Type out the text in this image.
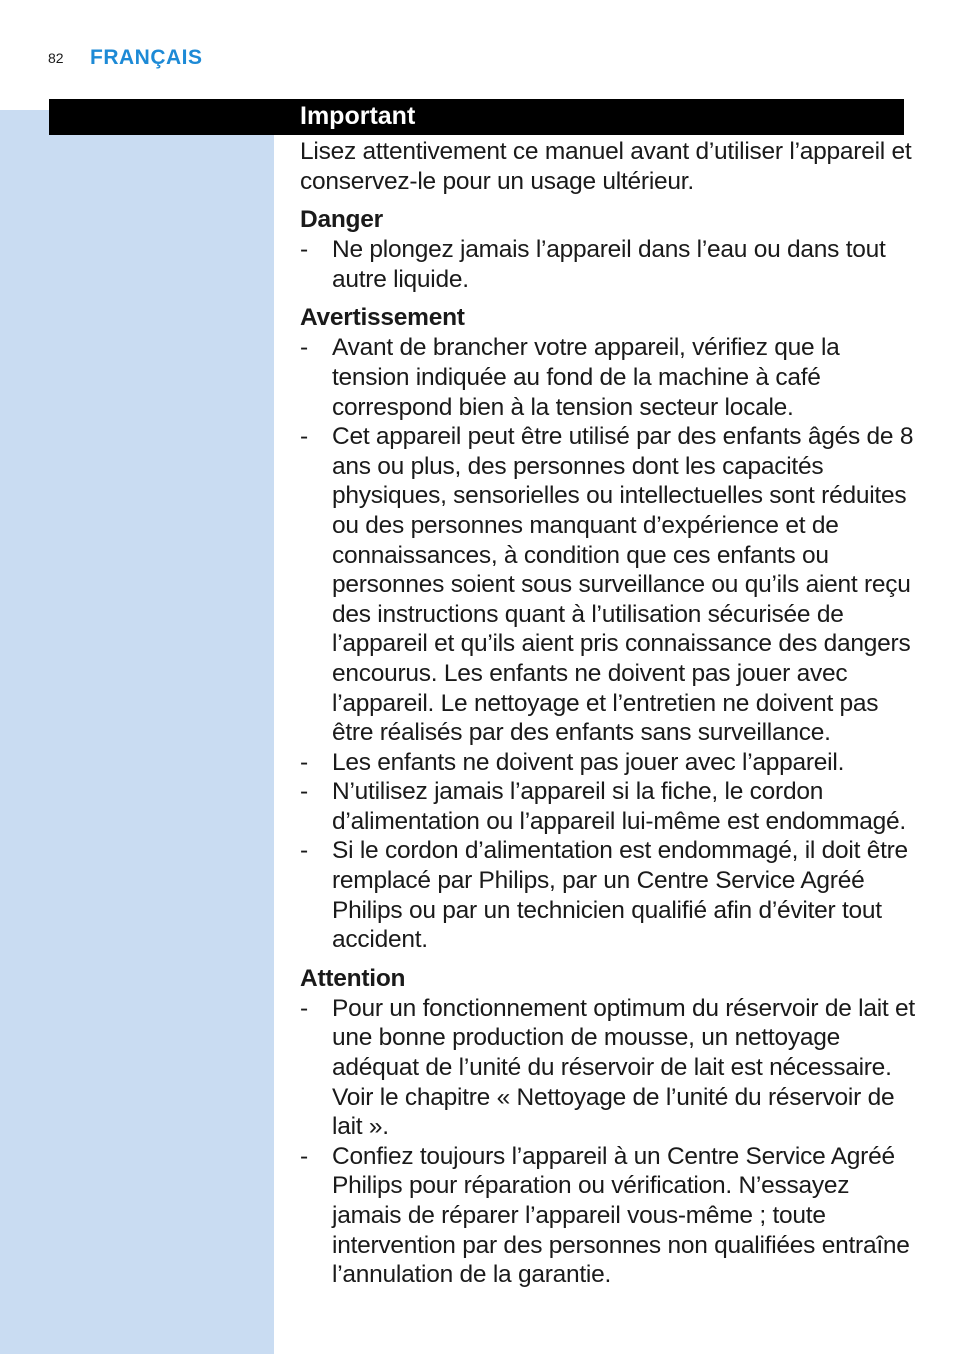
82 FRANÇAIS
Important

Lisez attentivement ce manuel avant d’utiliser l’appareil et conservez-le pour un usage ultérieur.

Danger
- Ne plongez jamais l’appareil dans l’eau ou dans tout autre liquide.
Avertissement
- Avant de brancher votre appareil, vérifiez que la tension indiquée au fond de la machine à café correspond bien à la tension secteur locale.
- Cet appareil peut être utilisé par des enfants âgés de 8 ans ou plus, des personnes dont les capacités physiques, sensorielles ou intellectuelles sont réduites ou des personnes manquant d’expérience et de connaissances, à condition que ces enfants ou personnes soient sous surveillance ou qu’ils aient reçu des instructions quant à l’utilisation sécurisée de l’appareil et qu’ils aient pris connaissance des dangers encourus. Les enfants ne doivent pas jouer avec l’appareil. Le nettoyage et l’entretien ne doivent pas être réalisés par des enfants sans surveillance.
- Les enfants ne doivent pas jouer avec l’appareil.
- N’utilisez jamais l’appareil si la fiche, le cordon d’alimentation ou l’appareil lui-même est endommagé.
- Si le cordon d’alimentation est endommagé, il doit être remplacé par Philips, par un Centre Service Agréé Philips ou par un technicien qualifié afin d’éviter tout accident.
Attention
- Pour un fonctionnement optimum du réservoir de lait et une bonne production de mousse, un nettoyage adéquat de l’unité du réservoir de lait est nécessaire. Voir le chapitre « Nettoyage de l’unité du réservoir de lait ».
- Confiez toujours l’appareil à un Centre Service Agréé Philips pour réparation ou vérification. N’essayez jamais de réparer l’appareil vous-même ; toute intervention par des personnes non qualifiées entraîne l’annulation de la garantie.
